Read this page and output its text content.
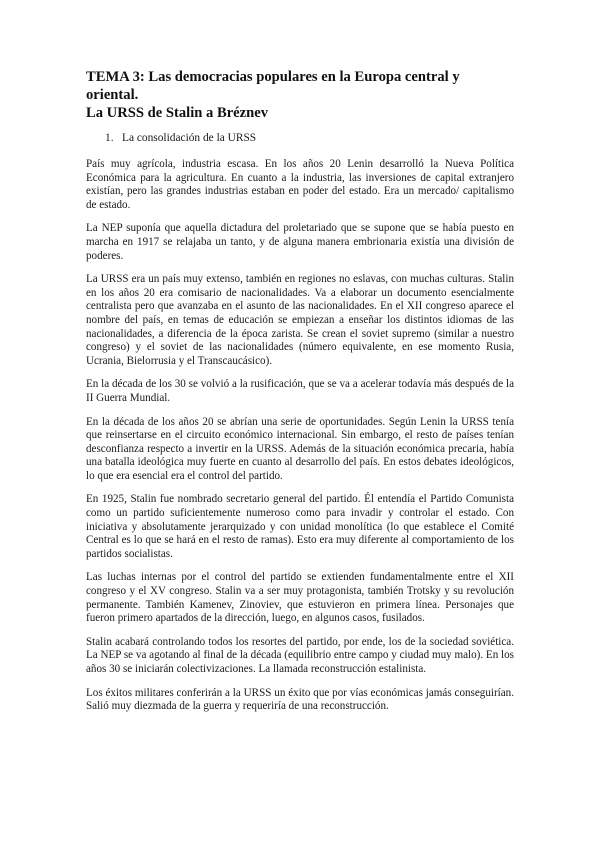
TEMA 3: Las democracias populares en la Europa central y oriental.
La URSS de Stalin a Bréznev
1. La consolidación de la URSS

País muy agrícola, industria escasa. En los años 20 Lenin desarrolló la Nueva Política Económica para la agricultura. En cuanto a la industria, las inversiones de capital extranjero existían, pero las grandes industrias estaban en poder del estado. Era un mercado/ capitalismo de estado.

La NEP suponía que aquella dictadura del proletariado que se supone que se había puesto en marcha en 1917 se relajaba un tanto, y de alguna manera embrionaria existía una división de poderes.

La URSS era un país muy extenso, también en regiones no eslavas, con muchas culturas. Stalin en los años 20 era comisario de nacionalidades. Va a elaborar un documento esencialmente centralista pero que avanzaba en el asunto de las nacionalidades. En el XII congreso aparece el nombre del país, en temas de educación se empiezan a enseñar los distintos idiomas de las nacionalidades, a diferencia de la época zarista. Se crean el soviet supremo (similar a nuestro congreso) y el soviet de las nacionalidades (número equivalente, en ese momento Rusia, Ucrania, Bielorrusia y el Transcaucásico).

En la década de los 30 se volvió a la rusificación, que se va a acelerar todavía más después de la II Guerra Mundial.

En la década de los años 20 se abrían una serie de oportunidades. Según Lenin la URSS tenía que reinsertarse en el circuito económico internacional. Sin embargo, el resto de países tenían desconfianza respecto a invertir en la URSS. Además de la situación económica precaria, había una batalla ideológica muy fuerte en cuanto al desarrollo del país. En estos debates ideológicos, lo que era esencial era el control del partido.

En 1925, Stalin fue nombrado secretario general del partido. Él entendía el Partido Comunista como un partido suficientemente numeroso como para invadir y controlar el estado. Con iniciativa y absolutamente jerarquizado y con unidad monolítica (lo que establece el Comité Central es lo que se hará en el resto de ramas). Esto era muy diferente al comportamiento de los partidos socialistas.

Las luchas internas por el control del partido se extienden fundamentalmente entre el XII congreso y el XV congreso. Stalin va a ser muy protagonista, también Trotsky y su revolución permanente. También Kamenev, Zinoviev, que estuvieron en primera línea. Personajes que fueron primero apartados de la dirección, luego, en algunos casos, fusilados.

Stalin acabará controlando todos los resortes del partido, por ende, los de la sociedad soviética. La NEP se va agotando al final de la década (equilibrio entre campo y ciudad muy malo). En los años 30 se iniciarán colectivizaciones. La llamada reconstrucción estalinista.

Los éxitos militares conferirán a la URSS un éxito que por vías económicas jamás conseguirían. Salió muy diezmada de la guerra y requeriría de una reconstrucción.
